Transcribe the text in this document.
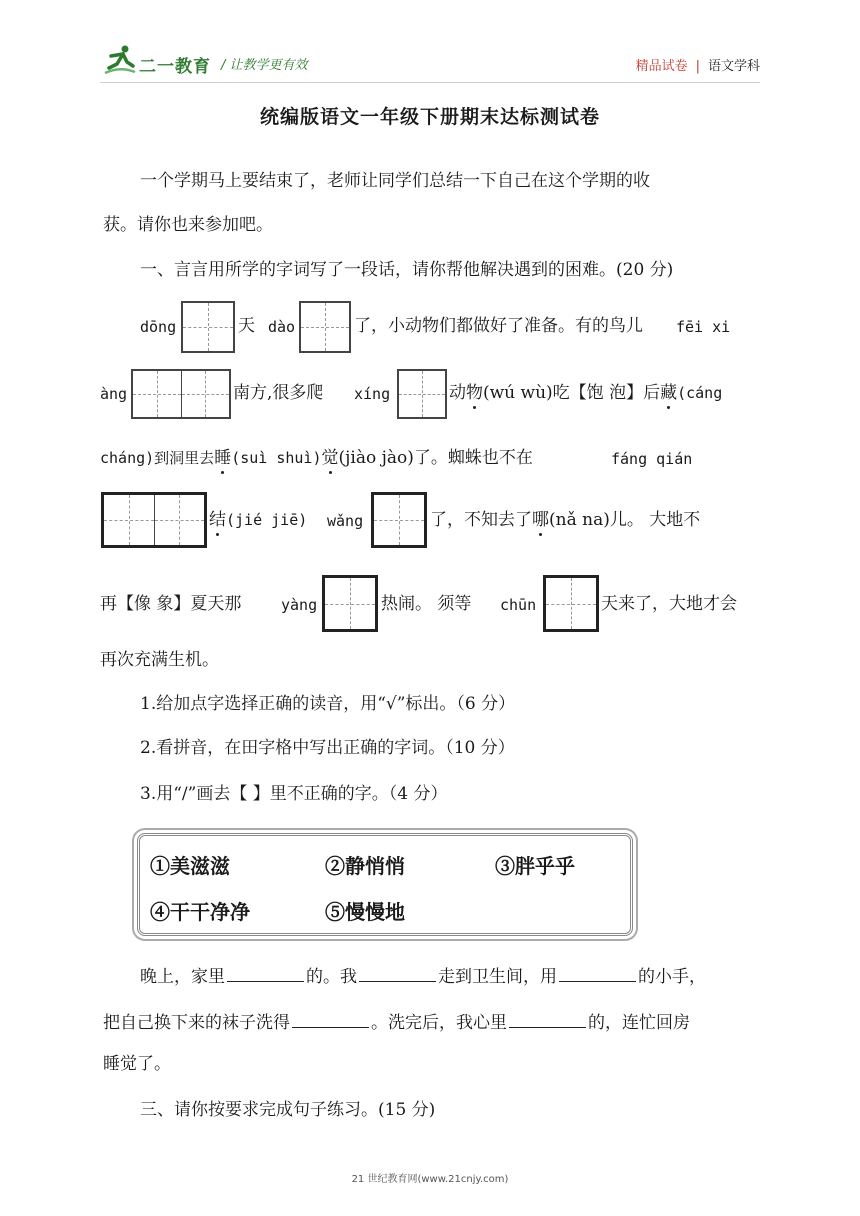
二一教育 / 让教学更有效	精品试卷 | 语文学科
统编版语文一年级下册期末达标测试卷
一个学期马上要结束了，老师让同学们总结一下自己在这个学期的收
获。请你也来参加吧。
一、言言用所学的字词写了一段话，请你帮他解决遇到的困难。(20 分)
dōng	天 dào	了，小动物们都做好了准备。有的鸟儿 fēi xi
àng	南方,很多爬 xíng	动物(wú wù)吃【饱 泡】后藏(cáng
cháng)到洞里去睡(suì shuì)觉(jiào jào)了。蜘蛛也不在	fáng qián
结(jié jiē) wǎng	了，不知去了哪(nǎ na)儿。 大地不
再【像 象】夏天那	yàng	热闹。 须等 chūn	天来了，大地才会
再次充满生机。
1.给加点字选择正确的读音，用“√”标出。（6 分）
2.看拼音，在田字格中写出正确的字词。（10 分）
3.用“/”画去【 】里不正确的字。（4 分）
①美滋滋	②静悄悄	③胖乎乎
④干干净净	⑤慢慢地
晚上，家里	的。我	走到卫生间，用	的小手，
把自己换下来的袜子洗得	。洗完后，我心里	的，连忙回房
睡觉了。
三、请你按要求完成句子练习。(15 分)
21 世纪教育网(www.21cnjy.com)
